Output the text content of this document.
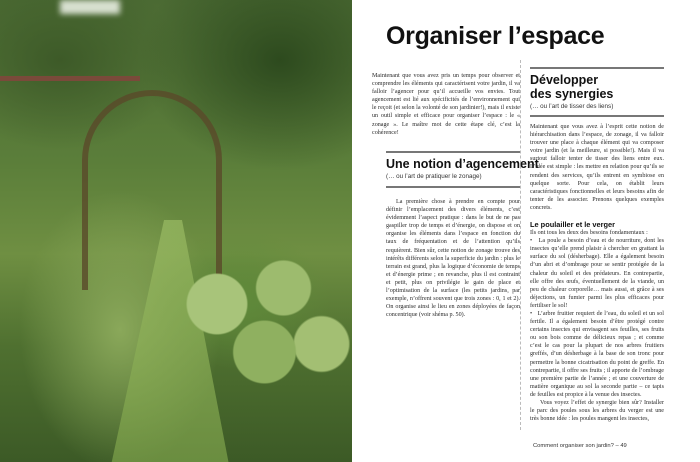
Organiser l’espace

Maintenant que vous avez pris un temps pour observer et comprendre les éléments qui caractérisent votre jardin, il va falloir l’agencer pour qu’il accueille vos envies. Tout agencement est lié aux spécificités de l’environnement qui le reçoit (et selon la volonté de son jardinier!), mais il existe un outil simple et efficace pour organiser l’espace : le « zonage ». Le maître mot de cette étape clé, c’est la cohérence!

Une notion d’agencement
(… ou l’art de pratiquer le zonage)

La première chose à prendre en compte pour définir l’emplacement des divers éléments, c’est évidemment l’aspect pratique : dans le but de ne pas gaspiller trop de temps et d’énergie, on dispose et on organise les éléments dans l’espace en fonction du taux de fréquentation et de l’attention qu’ils requièrent. Bien sûr, cette notion de zonage trouve des intérêts différents selon la superficie du jardin : plus le terrain est grand, plus la logique d’économie de temps et d’énergie prime ; en revanche, plus il est contraint et petit, plus on privilégie le gain de place et l’optimisation de la surface (les petits jardins, par exemple, n’offrent souvent que trois zones : 0, 1 et 2). On organise ainsi le lieu en zones déployées de façon concentrique (voir shéma p. 50).

Développer
des synergies
(… ou l’art de tisser des liens)

Maintenant que vous avez à l’esprit cette notion de hiérarchisation dans l’espace, de zonage, il va falloir trouver une place à chaque élément qui va composer votre jardin (et la meilleure, si possible!). Mais il va surtout falloir tenter de tisser des liens entre eux. L’idée est simple : les mettre en relation pour qu’ils se rendent des services, qu’ils entrent en symbiose en quelque sorte. Pour cela, on établit leurs caractéristiques fonctionnelles et leurs besoins afin de tenter de les associer. Prenons quelques exemples concrets.

Le poulailler et le verger

Ils ont tous les deux des besoins fondamentaux :

• La poule a besoin d’eau et de nourriture, dont les insectes qu’elle prend plaisir à chercher en grattant la surface du sol (désherbage). Elle a également besoin d’un abri et d’ombrage pour se sentir protégée de la chaleur du soleil et des prédateurs. En contrepartie, elle offre des œufs, éventuellement de la viande, un peu de chaleur corporelle… mais aussi, et grâce à ses déjections, un fumier parmi les plus efficaces pour fertiliser le sol!

• L’arbre fruitier requiert de l’eau, du soleil et un sol fertile. Il a également besoin d’être protégé contre certains insectes qui envisagent ses feuilles, ses fruits ou son bois comme de délicieux repas ; et comme c’est le cas pour la plupart de nos arbres fruitiers greffés, d’un désherbage à la base de son tronc pour permettre la bonne cicatrisation du point de greffe. En contrepartie, il offre ses fruits ; il apporte de l’ombrage une première partie de l’année ; et une couverture de matière organique au sol la seconde partie – ce tapis de feuilles est propice à la venue des insectes.

Vous voyez l’effet de synergie bien sûr? Installer le parc des poules sous les arbres du verger est une très bonne idée : les poules mangent les insectes,

Comment organiser son jardin? – 49
